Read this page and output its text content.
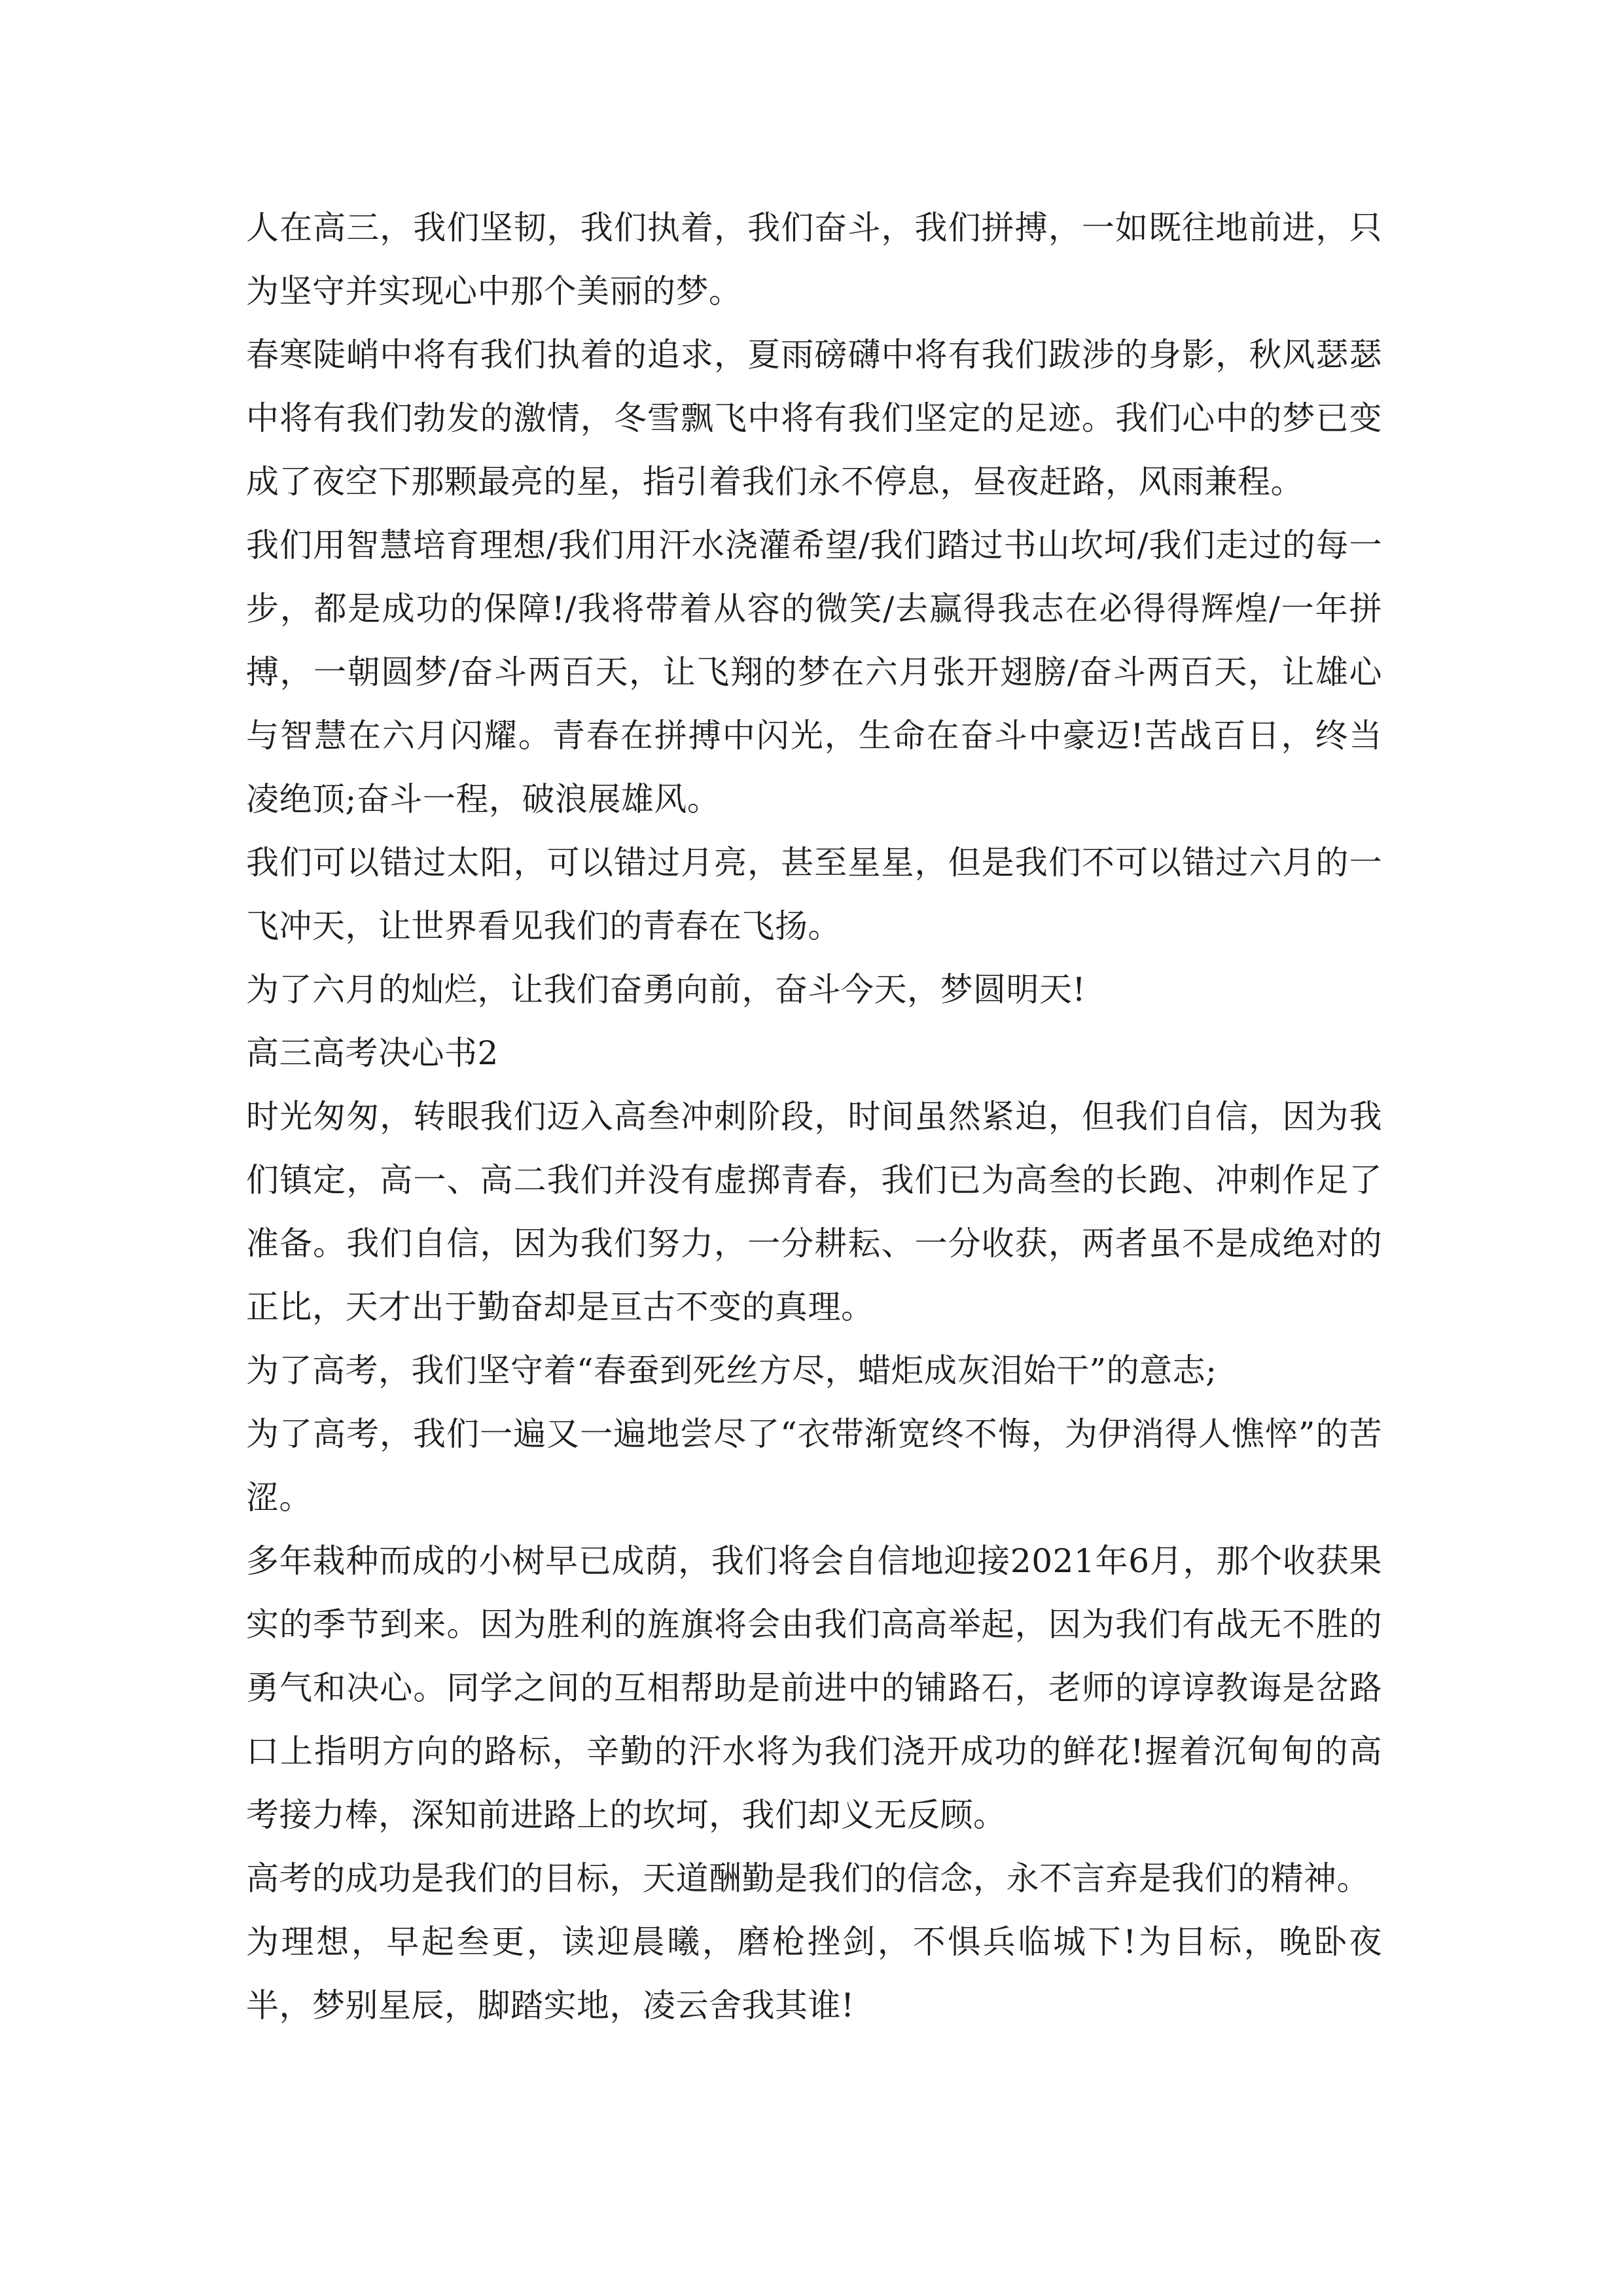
人在高三，我们坚韧，我们执着，我们奋斗，我们拼搏，一如既往地前进，只为坚守并实现心中那个美丽的梦。

春寒陡峭中将有我们执着的追求，夏雨磅礴中将有我们跋涉的身影，秋风瑟瑟中将有我们勃发的激情，冬雪飘飞中将有我们坚定的足迹。我们心中的梦已变成了夜空下那颗最亮的星，指引着我们永不停息，昼夜赶路，风雨兼程。

我们用智慧培育理想/我们用汗水浇灌希望/我们踏过书山坎坷/我们走过的每一步，都是成功的保障!/我将带着从容的微笑/去赢得我志在必得得辉煌/一年拼搏，一朝圆梦/奋斗两百天，让飞翔的梦在六月张开翅膀/奋斗两百天，让雄心与智慧在六月闪耀。青春在拼搏中闪光，生命在奋斗中豪迈!苦战百日，终当凌绝顶;奋斗一程，破浪展雄风。

我们可以错过太阳，可以错过月亮，甚至星星，但是我们不可以错过六月的一飞冲天，让世界看见我们的青春在飞扬。

为了六月的灿烂，让我们奋勇向前，奋斗今天，梦圆明天!

高三高考决心书2

时光匆匆，转眼我们迈入高叁冲刺阶段，时间虽然紧迫，但我们自信，因为我们镇定，高一、高二我们并没有虚掷青春，我们已为高叁的长跑、冲刺作足了准备。我们自信，因为我们努力，一分耕耘、一分收获，两者虽不是成绝对的正比，天才出于勤奋却是亘古不变的真理。

为了高考，我们坚守着“春蚕到死丝方尽，蜡炬成灰泪始干”的意志;

为了高考，我们一遍又一遍地尝尽了“衣带渐宽终不悔，为伊消得人憔悴”的苦涩。

多年栽种而成的小树早已成荫，我们将会自信地迎接2021年6月，那个收获果实的季节到来。因为胜利的旌旗将会由我们高高举起，因为我们有战无不胜的勇气和决心。同学之间的互相帮助是前进中的铺路石，老师的谆谆教诲是岔路口上指明方向的路标，辛勤的汗水将为我们浇开成功的鲜花!握着沉甸甸的高考接力棒，深知前进路上的坎坷，我们却义无反顾。

高考的成功是我们的目标，天道酬勤是我们的信念，永不言弃是我们的精神。

为理想，早起叁更，读迎晨曦，磨枪挫剑，不惧兵临城下!为目标，晚卧夜半，梦别星辰，脚踏实地，凌云舍我其谁!
